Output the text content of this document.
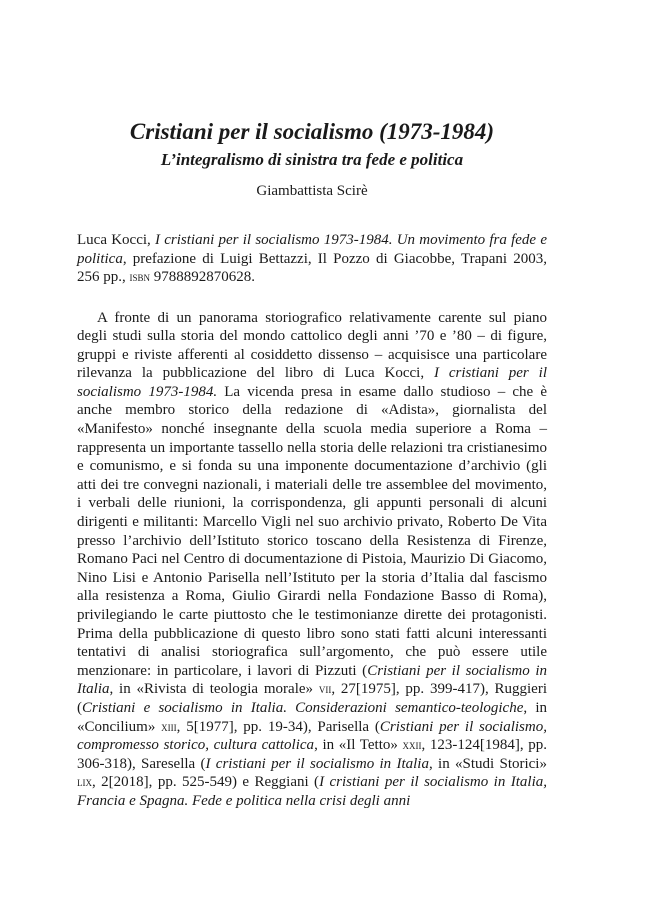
Cristiani per il socialismo (1973-1984)
L’integralismo di sinistra tra fede e politica

Giambattista Scirè

Luca Kocci, I cristiani per il socialismo 1973-1984. Un movimento fra fede e politica, prefazione di Luigi Bettazzi, Il Pozzo di Giacobbe, Trapani 2003, 256 pp., isbn 9788892870628.

A fronte di un panorama storiografico relativamente carente sul piano degli studi sulla storia del mondo cattolico degli anni ’70 e ’80 – di figure, gruppi e riviste afferenti al cosiddetto dissenso – acquisisce una particolare rilevanza la pubblicazione del libro di Luca Kocci, I cristiani per il socialismo 1973-1984. La vicenda presa in esame dallo studioso – che è anche membro storico della redazione di «Adista», giornalista del «Manifesto» nonché insegnante della scuola media superiore a Roma – rappresenta un importante tassello nella storia delle relazioni tra cristianesimo e comunismo, e si fonda su una imponente documentazione d’archivio (gli atti dei tre convegni nazionali, i materiali delle tre assemblee del movimento, i verbali delle riunioni, la corrispondenza, gli appunti personali di alcuni dirigenti e militanti: Marcello Vigli nel suo archivio privato, Roberto De Vita presso l’archivio dell’Istituto storico toscano della Resistenza di Firenze, Romano Paci nel Centro di documentazione di Pistoia, Maurizio Di Giacomo, Nino Lisi e Antonio Parisella nell’Istituto per la storia d’Italia dal fascismo alla resistenza a Roma, Giulio Girardi nella Fondazione Basso di Roma), privilegiando le carte piuttosto che le testimonianze dirette dei protagonisti. Prima della pubblicazione di questo libro sono stati fatti alcuni interessanti tentativi di analisi storiografica sull’argomento, che può essere utile menzionare: in particolare, i lavori di Pizzuti (Cristiani per il socialismo in Italia, in «Rivista di teologia morale» vii, 27[1975], pp. 399-417), Ruggieri (Cristiani e socialismo in Italia. Considerazioni semantico-teologiche, in «Concilium» xiii, 5[1977], pp. 19-34), Parisella (Cristiani per il socialismo, compromesso storico, cultura cattolica, in «Il Tetto» xxii, 123-124[1984], pp. 306-318), Saresella (I cristiani per il socialismo in Italia, in «Studi Storici» lix, 2[2018], pp. 525-549) e Reggiani (I cristiani per il socialismo in Italia, Francia e Spagna. Fede e politica nella crisi degli anni
